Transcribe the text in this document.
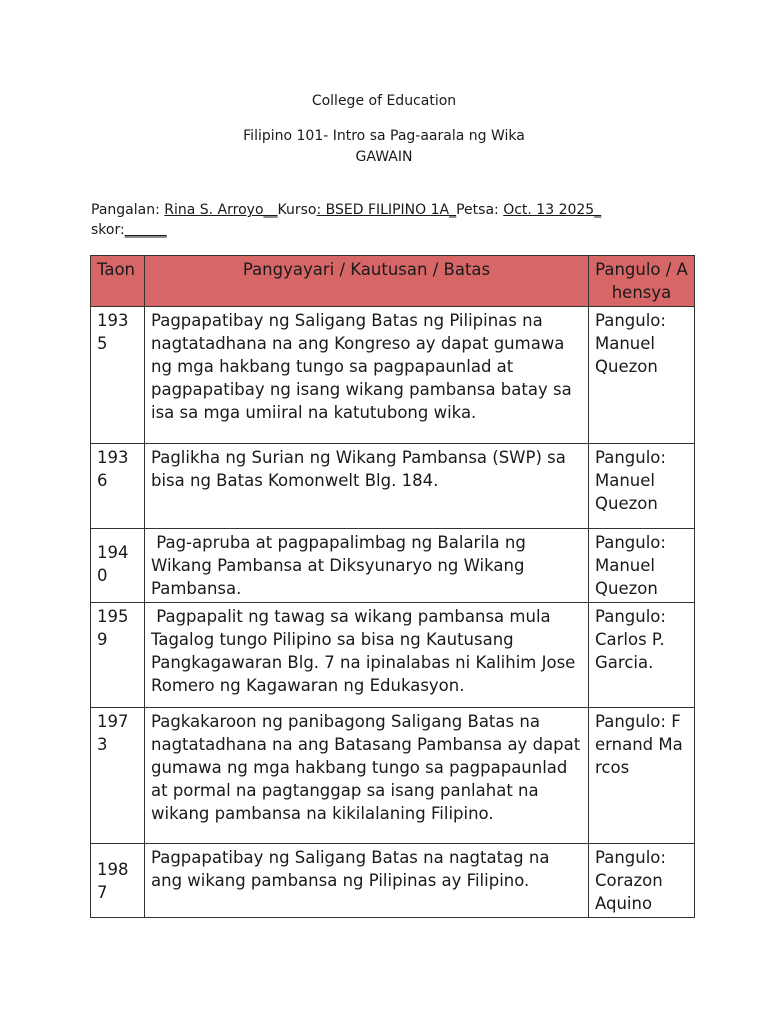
College of Education
Filipino 101- Intro sa Pag-aarala ng Wika
GAWAIN
Pangalan: Rina S. Arroyo__Kurso: BSED FILIPINO 1A_Petsa: Oct. 13 2025_
skor:______
Taon	Pangyayari / Kautusan / Batas	Pangulo / Ahensya
1935	Pagpapatibay ng Saligang Batas ng Pilipinas na nagtatadhana na ang Kongreso ay dapat gumawa ng mga hakbang tungo sa pagpapaunlad at pagpapatibay ng isang wikang pambansa batay sa isa sa mga umiiral na katutubong wika.	Pangulo: Manuel Quezon
1936	Paglikha ng Surian ng Wikang Pambansa (SWP) sa bisa ng Batas Komonwelt Blg. 184.	Pangulo: Manuel Quezon
1940	Pag-apruba at pagpapalimbag ng Balarila ng Wikang Pambansa at Diksyunaryo ng Wikang Pambansa.	Pangulo: Manuel Quezon
1959	Pagpapalit ng tawag sa wikang pambansa mula Tagalog tungo Pilipino sa bisa ng Kautusang Pangkagawaran Blg. 7 na ipinalabas ni Kalihim Jose Romero ng Kagawaran ng Edukasyon.	Pangulo: Carlos P. Garcia.
1973	Pagkakaroon ng panibagong Saligang Batas na nagtatadhana na ang Batasang Pambansa ay dapat gumawa ng mga hakbang tungo sa pagpapaunlad at pormal na pagtanggap sa isang panlahat na wikang pambansa na kikilalaning Filipino.	Pangulo: Fernand Marcos
1987	Pagpapatibay ng Saligang Batas na nagtatag na ang wikang pambansa ng Pilipinas ay Filipino.	Pangulo: Corazon Aquino
